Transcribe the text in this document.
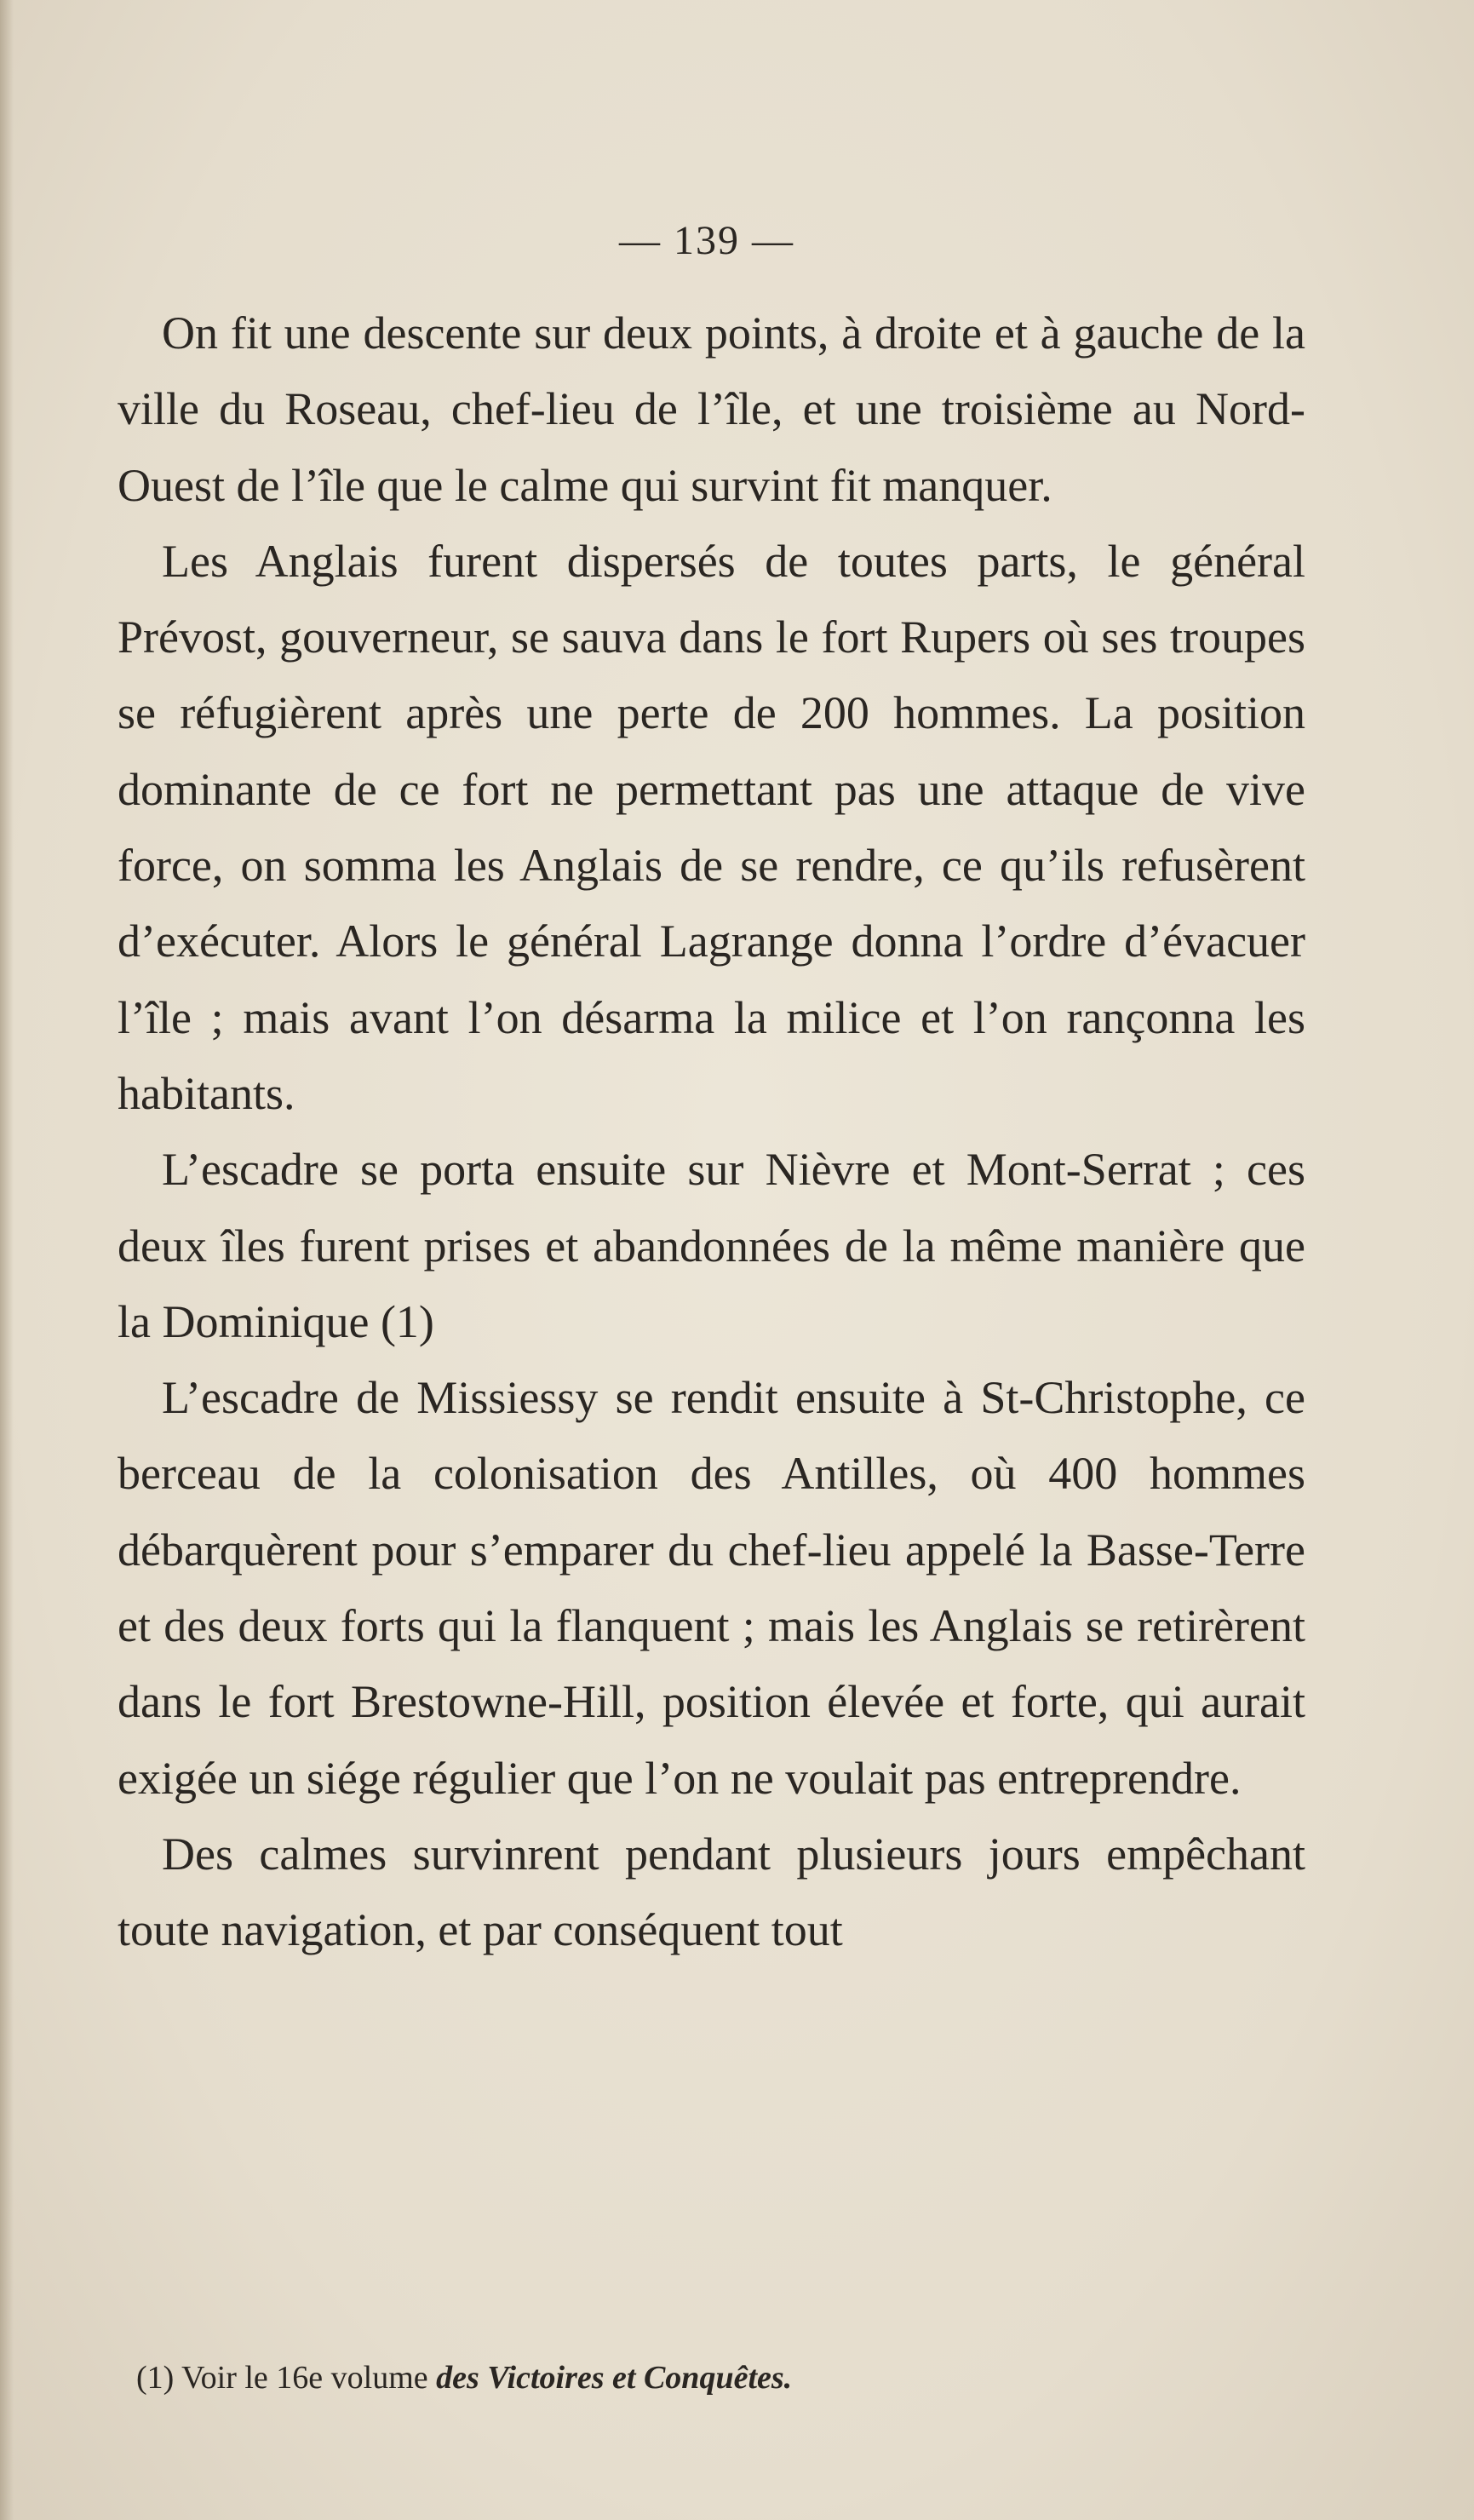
— 139 —

On fit une descente sur deux points, à droite et à gauche de la ville du Roseau, chef-lieu de l’île, et une troisième au Nord-Ouest de l’île que le calme qui survint fit manquer.

Les Anglais furent dispersés de toutes parts, le général Prévost, gouverneur, se sauva dans le fort Rupers où ses troupes se réfugièrent après une perte de 200 hommes. La position dominante de ce fort ne permettant pas une attaque de vive force, on somma les Anglais de se rendre, ce qu’ils refusèrent d’exécuter. Alors le général Lagrange donna l’ordre d’évacuer l’île ; mais avant l’on désarma la milice et l’on rançonna les habitants.

L’escadre se porta ensuite sur Nièvre et Mont-Serrat ; ces deux îles furent prises et abandonnées de la même manière que la Dominique (1)

L’escadre de Missiessy se rendit ensuite à St-Christophe, ce berceau de la colonisation des Antilles, où 400 hommes débarquèrent pour s’emparer du chef-lieu appelé la Basse-Terre et des deux forts qui la flanquent ; mais les Anglais se retirèrent dans le fort Brestowne-Hill, position élevée et forte, qui aurait exigée un siége régulier que l’on ne voulait pas entreprendre.

Des calmes survinrent pendant plusieurs jours empêchant toute navigation, et par conséquent tout

(1) Voir le 16e volume des Victoires et Conquêtes.
